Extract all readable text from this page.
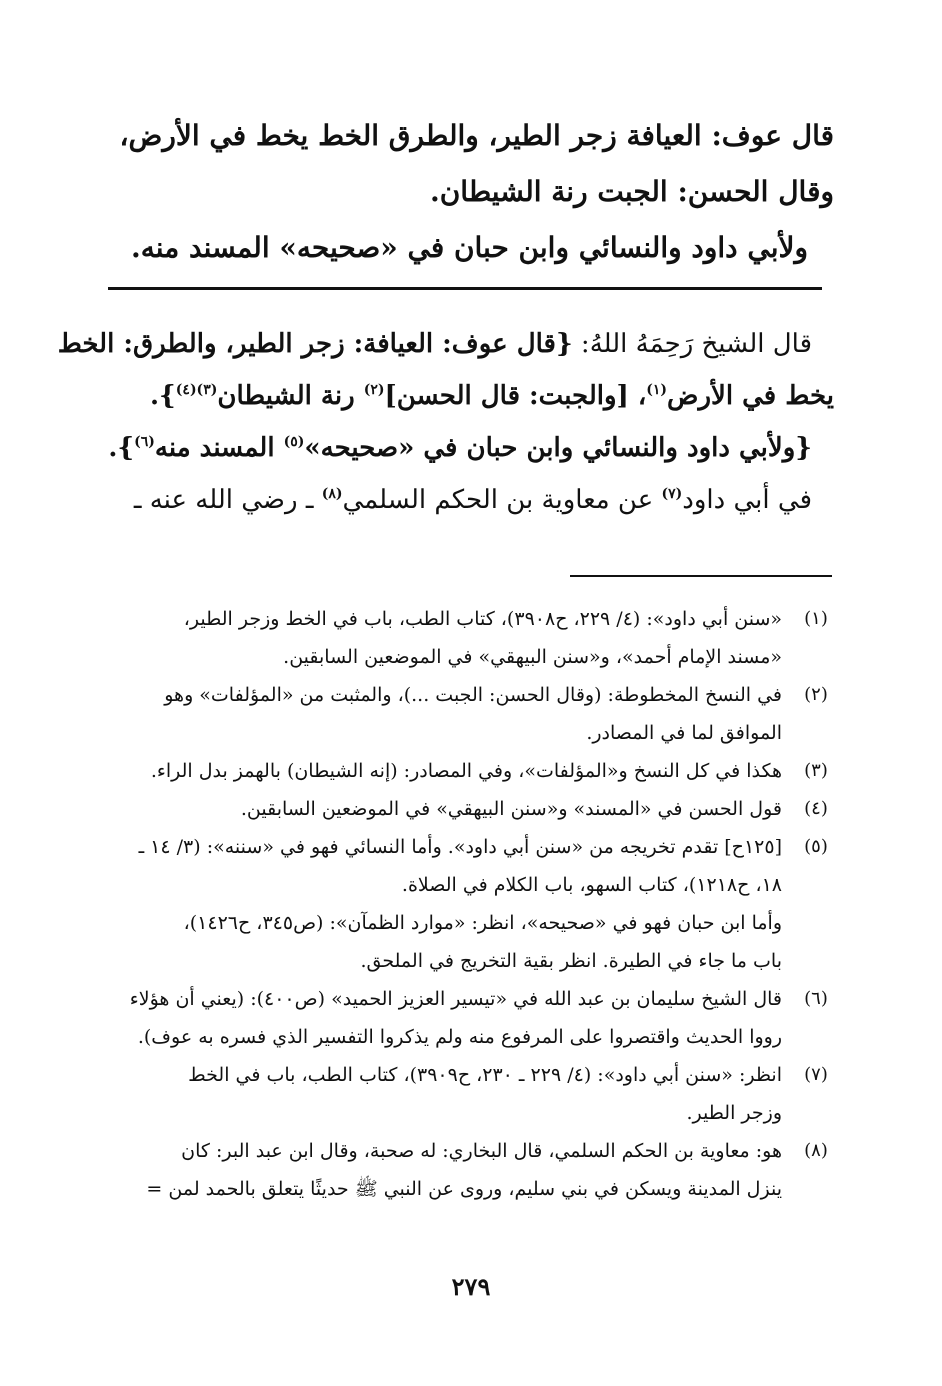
قال عوف: العيافة زجر الطير، والطرق الخط يخط في الأرض،
وقال الحسن: الجبت رنة الشيطان.
ولأبي داود والنسائي وابن حبان في «صحيحه» المسند منه.
قال الشيخ رَحِمَهُ اللهُ: {قال عوف: العيافة: زجر الطير، والطرق: الخط
يخط في الأرض$^{(١)}$، [والجبت: قال الحسن]$^{(٢)}$ رنة الشيطان$^{(٣)(٤)}$}.
{ولأبي داود والنسائي وابن حبان في «صحيحه»$^{(٥)}$ المسند منه$^{(٦)}$}.
في أبي داود$^{(٧)}$ عن معاوية بن الحكم السلمي$^{(٨)}$ ـ رضي الله عنه ـ
(١)
«سنن أبي داود»: (٤/ ٢٢٩، ح٣٩٠٨)، كتاب الطب، باب في الخط وزجر الطير،
«مسند الإمام أحمد»، و«سنن البيهقي» في الموضعين السابقين.
(٢)
في النسخ المخطوطة: (وقال الحسن: الجبت ...)، والمثبت من «المؤلفات» وهو
الموافق لما في المصادر.
(٣)
هكذا في كل النسخ و«المؤلفات»، وفي المصادر: (إنه الشيطان) بالهمز بدل الراء.
(٤)
قول الحسن في «المسند» و«سنن البيهقي» في الموضعين السابقين.
(٥)
[١٢٥ح] تقدم تخريجه من «سنن أبي داود». وأما النسائي فهو في «سننه»: (٣/ ١٤ ـ
١٨، ح١٢١٨)، كتاب السهو، باب الكلام في الصلاة.
وأما ابن حبان فهو في «صحيحه»، انظر: «موارد الظمآن»: (ص٣٤٥، ح١٤٢٦)،
باب ما جاء في الطيرة. انظر بقية التخريج في الملحق.
(٦)
قال الشيخ سليمان بن عبد الله في «تيسير العزيز الحميد» (ص٤٠٠): (يعني أن هؤلاء
رووا الحديث واقتصروا على المرفوع منه ولم يذكروا التفسير الذي فسره به عوف).
(٧)
انظر: «سنن أبي داود»: (٤/ ٢٢٩ ـ ٢٣٠، ح٣٩٠٩)، كتاب الطب، باب في الخط
وزجر الطير.
(٨)
هو: معاوية بن الحكم السلمي، قال البخاري: له صحبة، وقال ابن عبد البر: كان
ينزل المدينة ويسكن في بني سليم، وروى عن النبي ﷺ حديثًا يتعلق بالحمد لمن =
٢٧٩
